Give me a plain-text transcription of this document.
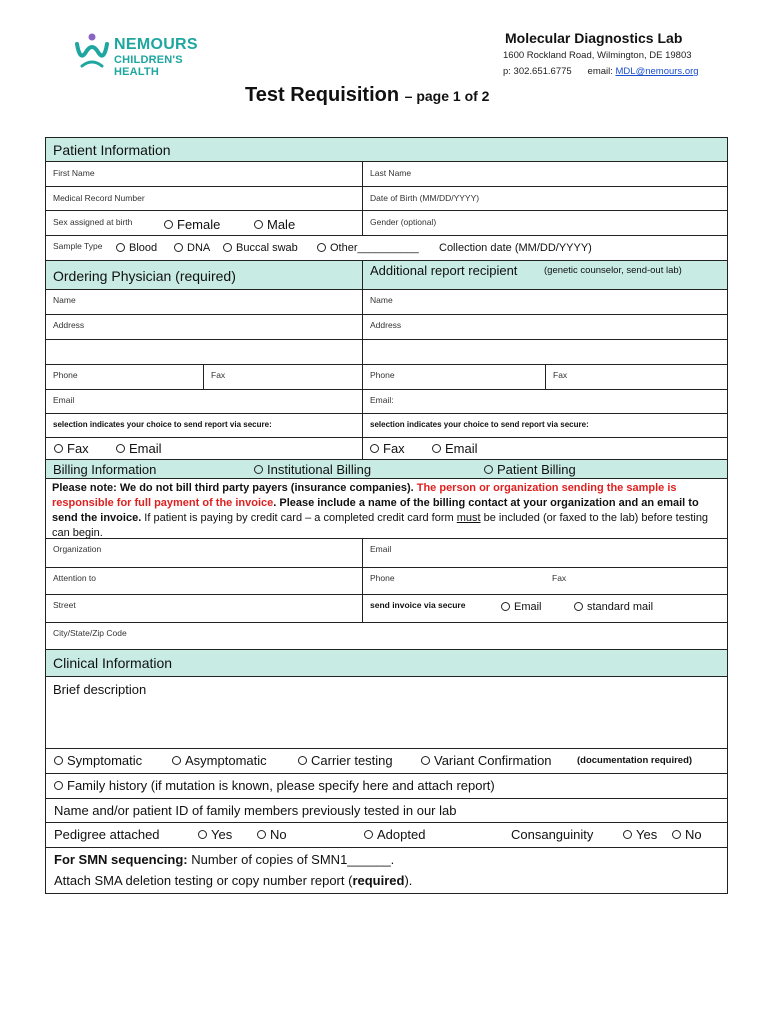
NEMOURS
CHILDREN'S HEALTH
Molecular Diagnostics Lab
1600 Rockland Road, Wilmington, DE 19803
p: 302.651.6775 email: MDL@nemours.org
Test Requisition – page 1 of 2
Patient Information
First Name	Last Name
Medical Record Number	Date of Birth (MM/DD/YYYY)
Sex assigned at birth	Female	Male	Gender (optional)
Sample Type	Blood	DNA	Buccal swab	Other__________ Collection date (MM/DD/YYYY)
Ordering Physician (required)	Additional report recipient	(genetic counselor, send-out lab)
Name	Name
Address	Address
Phone	Fax	Phone	Fax
Email	Email:
selection indicates your choice to send report via secure:	selection indicates your choice to send report via secure:
Fax	Email	Fax	Email
Billing Information	Institutional Billing	Patient Billing
Please note: We do not bill third party payers (insurance companies). The person or organization sending the sample is responsible for full payment of the invoice. Please include a name of the billing contact at your organization and an email to send the invoice. If patient is paying by credit card – a completed credit card form must be included (or faxed to the lab) before testing can begin.
Organization	Email
Attention to	Phone	Fax
Street	send invoice via secure	Email	standard mail
City/State/Zip Code
Clinical Information
Brief description
Symptomatic	Asymptomatic	Carrier testing	Variant Confirmation	(documentation required)
Family history (if mutation is known, please specify here and attach report)
Name and/or patient ID of family members previously tested in our lab
Pedigree attached	Yes	No	Adopted	Consanguinity	Yes	No
For SMN sequencing: Number of copies of SMN1______.
Attach SMA deletion testing or copy number report (required).
